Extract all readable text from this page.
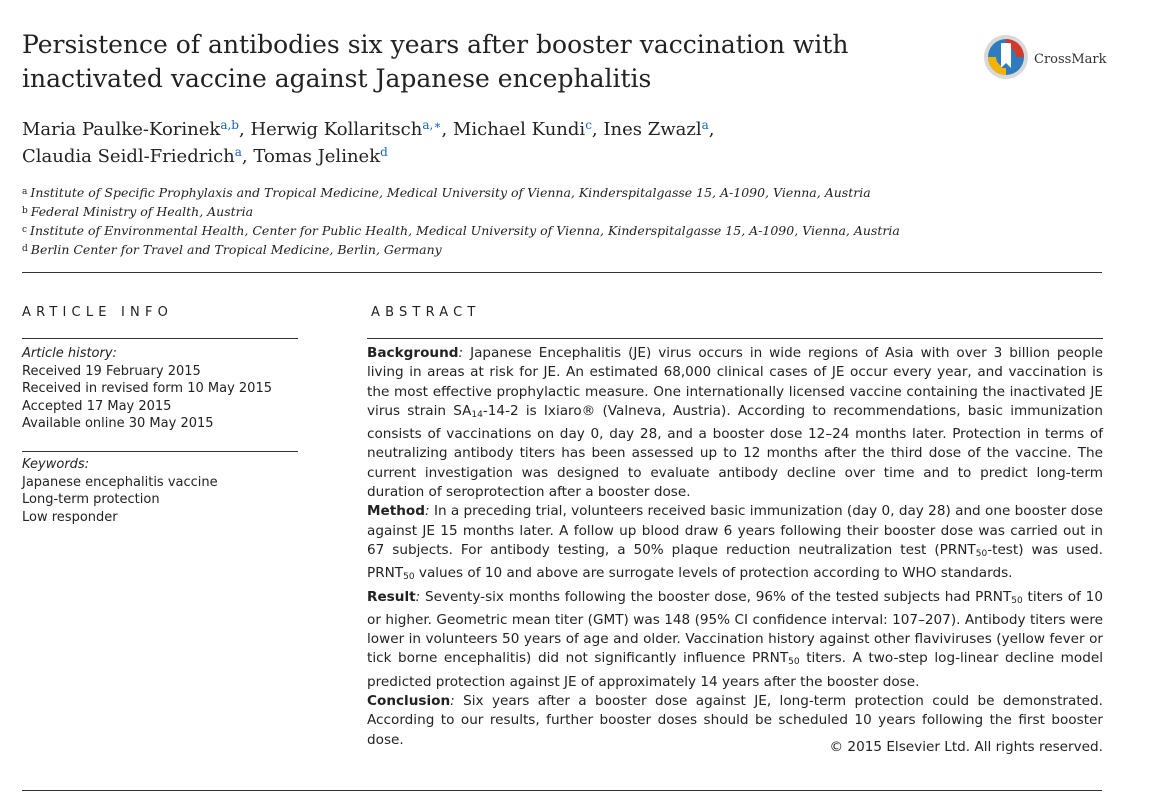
Persistence of antibodies six years after booster vaccination with
inactivated vaccine against Japanese encephalitis
CrossMark
Maria Paulke-Korinek$^{a,b}$, Herwig Kollaritsch$^{a,∗}$, Michael Kundi$^c$, Ines Zwazl$^a$,
Claudia Seidl-Friedrich$^a$, Tomas Jelinek$^d$
$^a$ Institute of Specific Prophylaxis and Tropical Medicine, Medical University of Vienna, Kinderspitalgasse 15, A-1090, Vienna, Austria
$^b$ Federal Ministry of Health, Austria
$^c$ Institute of Environmental Health, Center for Public Health, Medical University of Vienna, Kinderspitalgasse 15, A-1090, Vienna, Austria
$^d$ Berlin Center for Travel and Tropical Medicine, Berlin, Germany
ARTICLE INFO	ABSTRACT
Article history:
Received 19 February 2015
Received in revised form 10 May 2015
Accepted 17 May 2015
Available online 30 May 2015
Keywords:
Japanese encephalitis vaccine
Long-term protection
Low responder

Background: Japanese Encephalitis (JE) virus occurs in wide regions of Asia with over 3 billion people living in areas at risk for JE. An estimated 68,000 clinical cases of JE occur every year, and vaccination is the most effective prophylactic measure. One internationally licensed vaccine containing the inactivated JE virus strain $SA_{14}-14-2$ is Ixiaro® (Valneva, Austria). According to recommendations, basic immunization consists of vaccinations on day 0, day 28, and a booster dose 12–24 months later. Protection in terms of neutralizing antibody titers has been assessed up to 12 months after the third dose of the vaccine. The current investigation was designed to evaluate antibody decline over time and to predict long-term duration of seroprotection after a booster dose.

Method: In a preceding trial, volunteers received basic immunization (day 0, day 28) and one booster dose against JE 15 months later. A follow up blood draw 6 years following their booster dose was carried out in 67 subjects. For antibody testing, a 50% plaque reduction neutralization test $(PRNT_{50}-test)$ was used. $PRNT_{50}$ values of 10 and above are surrogate levels of protection according to WHO standards.

Result: Seventy-six months following the booster dose, 96% of the tested subjects had $PRNT_{50}$ titers of 10 or higher. Geometric mean titer (GMT) was 148 (95% CI confidence interval: 107–207). Antibody titers were lower in volunteers 50 years of age and older. Vaccination history against other flaviviruses (yellow fever or tick borne encephalitis) did not significantly influence $PRNT_{50}$ titers. A two-step log-linear decline model predicted protection against JE of approximately 14 years after the booster dose.

Conclusion: Six years after a booster dose against JE, long-term protection could be demonstrated. According to our results, further booster doses should be scheduled 10 years following the first booster dose.	© 2015 Elsevier Ltd. All rights reserved.
